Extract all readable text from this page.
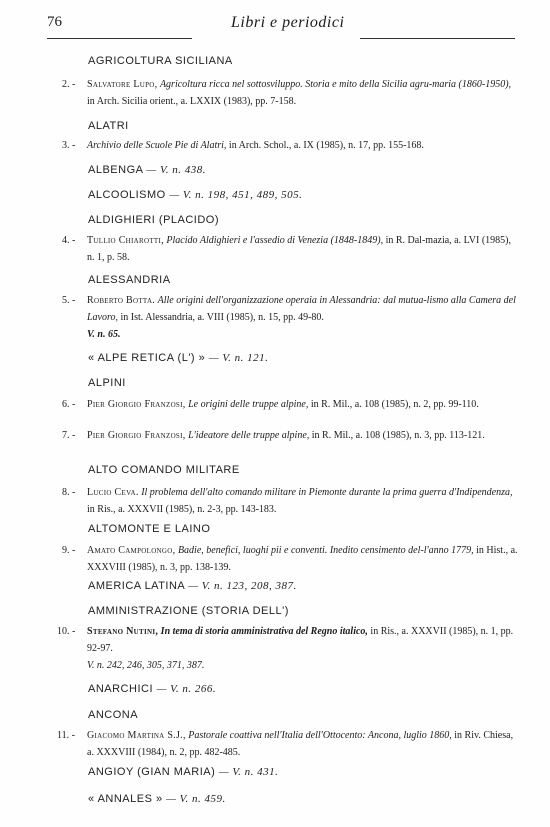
76	Libri e periodici
AGRICOLTURA SICILIANA
2. - Salvatore Lupo, Agricoltura ricca nel sottosviluppo. Storia e mito della Sicilia agru-maria (1860-1950), in Arch. Sicilia orient., a. LXXIX (1983), pp. 7-158.
ALATRI
3. - Archivio delle Scuole Pie di Alatri, in Arch. Schol., a. IX (1985), n. 17, pp. 155-168.
ALBENGA — V. n. 438.
ALCOOLISMO — V. n. 198, 451, 489, 505.
ALDIGHIERI (PLACIDO)
4. - Tullio Chiarotti, Placido Aldighieri e l'assedio di Venezia (1848-1849), in R. Dal-mazia, a. LVI (1985), n. 1, p. 58.
ALESSANDRIA
5. - Roberto Botta. Alle origini dell'organizzazione operaia in Alessandria: dal mutua-lismo alla Camera del Lavoro, in Ist. Alessandria, a. VIII (1985), n. 15, pp. 49-80.
V. n. 65.
« ALPE RETICA (L') » — V. n. 121.
ALPINI
6. - Pier Giorgio Franzosi, Le origini delle truppe alpine, in R. Mil., a. 108 (1985), n. 2, pp. 99-110.
7. - Pier Giorgio Franzosi, L'ideatore delle truppe alpine, in R. Mil., a. 108 (1985), n. 3, pp. 113-121.
ALTO COMANDO MILITARE
8. - Lucio Ceva. Il problema dell'alto comando militare in Piemonte durante la prima guerra d'Indipendenza, in Ris., a. XXXVII (1985), n. 2-3, pp. 143-183.
ALTOMONTE E LAINO
9. - Amato Campolongo, Badie, benefici, luoghi pii e conventi. Inedito censimento del-l'anno 1779, in Hist., a. XXXVIII (1985), n. 3, pp. 138-139.
AMERICA LATINA — V. n. 123, 208, 387.
AMMINISTRAZIONE (STORIA DELL')
10. - Stefano Nutini, In tema di storia amministrativa del Regno italico, in Ris., a. XXXVII (1985), n. 1, pp. 92-97.
V. n. 242, 246, 305, 371, 387.
ANARCHICI — V. n. 266.
ANCONA
11. - Giacomo Martina S.J., Pastorale coattiva nell'Italia dell'Ottocento: Ancona, luglio 1860, in Riv. Chiesa, a. XXXVIII (1984), n. 2, pp. 482-485.
ANGIOY (GIAN MARIA) — V. n. 431.
« ANNALES » — V. n. 459.
